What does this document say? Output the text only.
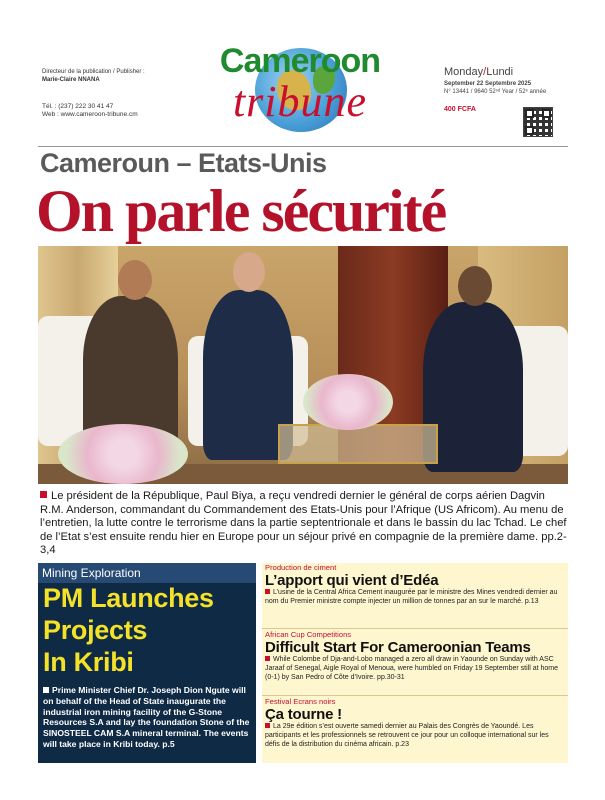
Directeur de la publication / Publisher :
Marie-Claire NNANA
Tél. : (237) 222 30 41 47
Web : www.cameroon-tribune.cm
Cameroon
tribune
Monday/Lundi
September 22 Septembre 2025
N° 13441 / 9640 52ⁿᵈ Year / 52ᵉ année
400 FCFA
Cameroun – Etats-Unis
On parle sécurité
Le président de la République, Paul Biya, a reçu vendredi dernier le général de corps aérien Dagvin R.M. Anderson, commandant du Commandement des Etats-Unis pour l’Afrique (US Africom). Au menu de l’entretien, la lutte contre le terrorisme dans la partie septentrionale et dans le bassin du lac Tchad. Le chef de l’Etat s’est ensuite rendu hier en Europe pour un séjour privé en compagnie de la première dame. pp.2-3,4
Mining Exploration
PM Launches
Projects
In Kribi
Prime Minister Chief Dr. Joseph Dion Ngute will on behalf of the Head of State inaugurate the industrial iron mining facility of the G-Stone Resources S.A and lay the foundation Stone of the SINOSTEEL CAM S.A mineral terminal. The events will take place in Kribi today. p.5
Production de ciment
L’apport qui vient d’Edéa
L’usine de la Central Africa Cement inaugurée par le ministre des Mines vendredi dernier au nom du Premier ministre compte injecter un million de tonnes par an sur le marché. p.13
African Cup Competitions
Difficult Start For Cameroonian Teams
While Colombe of Dja-and-Lobo managed a zero all draw in Yaounde on Sunday with ASC Jaraaf of Senegal, Aigle Royal of Menoua, were humbled on Friday 19 September still at home (0-1) by San Pedro of Côte d’Ivoire. pp.30-31
Festival Ecrans noirs
Ça tourne !
La 29e édition s’est ouverte samedi dernier au Palais des Congrès de Yaoundé. Les participants et les professionnels se retrouvent ce jour pour un colloque international sur les défis de la distribution du cinéma africain. p.23
